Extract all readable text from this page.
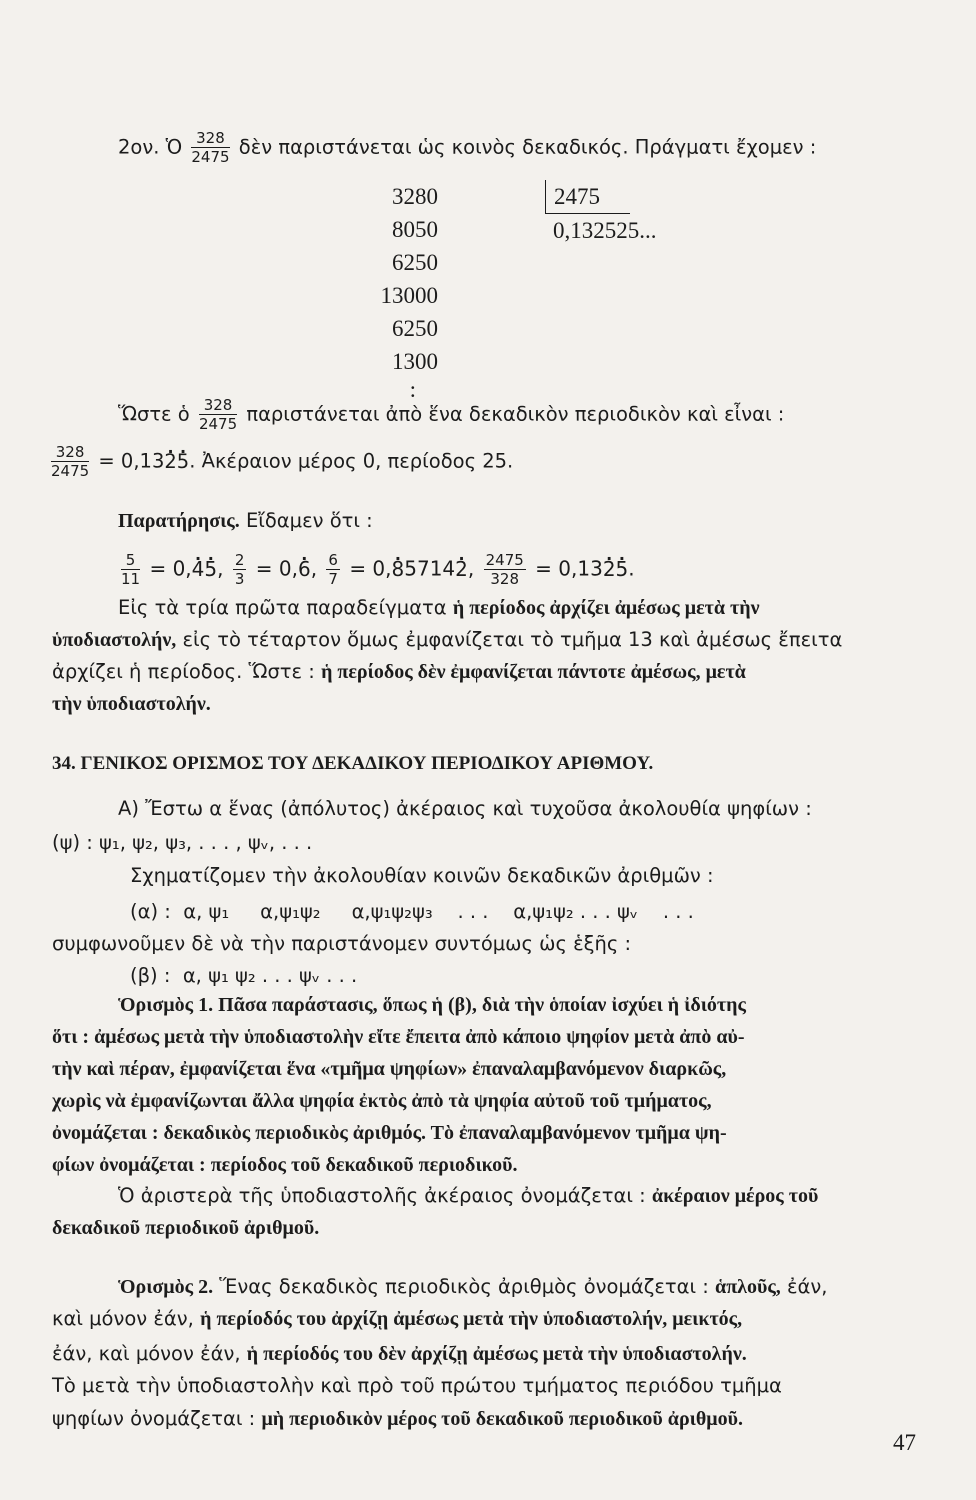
2ον. Ὁ $\frac{328}{2475}$ δὲν παριστάνεται ὡς κοινὸς δεκαδικός. Πράγματι ἔχομεν :
3280
8050
6250
13000
6250
1300
:
2475
0,132525...
Ὥστε ὁ $\frac{328}{2475}$ παριστάνεται ἀπὸ ἕνα δεκαδικὸν περιοδικὸν καὶ εἶναι :
$\frac{328}{2475} = 0,13\cdot 2\cdot 5$. Ἀκέραιον μέρος 0, περίοδος 25.
Παρατήρησις. Εἴδαμεν ὅτι :
$\frac{5}{11} = 0,\cdot 4\cdot 5$, $\frac{2}{3} = 0,\cdot 6$, $\frac{6}{7} = 0,\cdot 85714\cdot 2$, $\frac{2475}{328} = 0,13\cdot 2\cdot 5$.
Εἰς τὰ τρία πρῶτα παραδείγματα ἡ περίοδος ἀρχίζει ἀμέσως μετὰ τὴν
ὑποδιαστολήν, εἰς τὸ τέταρτον ὅμως ἐμφανίζεται τὸ τμῆμα 13 καὶ ἀμέσως ἔπειτα
ἀρχίζει ἡ περίοδος. Ὥστε : ἡ περίοδος δὲν ἐμφανίζεται πάντοτε ἀμέσως, μετὰ
τὴν ὑποδιαστολήν.
34. ΓΕΝΙΚΟΣ ΟΡΙΣΜΟΣ ΤΟΥ ΔΕΚΑΔΙΚΟΥ ΠΕΡΙΟΔΙΚΟΥ ΑΡΙΘΜΟΥ.
Α) Ἔστω α ἕνας (ἀπόλυτος) ἀκέραιος καὶ τυχοῦσα ἀκολουθία ψηφίων :
(ψ) : ψ₁, ψ₂, ψ₃, . . . , ψᵥ, . . .
Σχηματίζομεν τὴν ἀκολουθίαν κοινῶν δεκαδικῶν ἀριθμῶν :
(α) :  α, ψ₁     α,ψ₁ψ₂     α,ψ₁ψ₂ψ₃    . . .    α,ψ₁ψ₂ . . . ψᵥ    . . .
συμφωνοῦμεν δὲ νὰ τὴν παριστάνομεν συντόμως ὡς ἑξῆς :
(β) :  α, ψ₁ ψ₂ . . . ψᵥ . . .
Ὁρισμὸς 1. Πᾶσα παράστασις, ὅπως ἡ (β), διὰ τὴν ὁποίαν ἰσχύει ἡ ἰδιότης
ὅτι : ἀμέσως μετὰ τὴν ὑποδιαστολὴν εἴτε ἔπειτα ἀπὸ κάποιο ψηφίον μετὰ ἀπὸ αὐ-
τὴν καὶ πέραν, ἐμφανίζεται ἕνα «τμῆμα ψηφίων» ἐπαναλαμβανόμενον διαρκῶς,
χωρὶς νὰ ἐμφανίζωνται ἄλλα ψηφία ἐκτὸς ἀπὸ τὰ ψηφία αὐτοῦ τοῦ τμήματος,
ὀνομάζεται : δεκαδικὸς περιοδικὸς ἀριθμός. Τὸ ἐπαναλαμβανόμενον τμῆμα ψη-
φίων ὀνομάζεται : περίοδος τοῦ δεκαδικοῦ περιοδικοῦ.
Ὁ ἀριστερὰ τῆς ὑποδιαστολῆς ἀκέραιος ὀνομάζεται : ἀκέραιον μέρος τοῦ
δεκαδικοῦ περιοδικοῦ ἀριθμοῦ.
Ὁρισμὸς 2. Ἕνας δεκαδικὸς περιοδικὸς ἀριθμὸς ὀνομάζεται : ἁπλοῦς, ἐάν,
καὶ μόνον ἐάν, ἡ περίοδός του ἀρχίζῃ ἀμέσως μετὰ τὴν ὑποδιαστολήν, μεικτός,
ἐάν, καὶ μόνον ἐάν, ἡ περίοδός του δὲν ἀρχίζῃ ἀμέσως μετὰ τὴν ὑποδιαστολήν.
Τὸ μετὰ τὴν ὑποδιαστολὴν καὶ πρὸ τοῦ πρώτου τμήματος περιόδου τμῆμα
ψηφίων ὀνομάζεται : μὴ περιοδικὸν μέρος τοῦ δεκαδικοῦ περιοδικοῦ ἀριθμοῦ.
47
